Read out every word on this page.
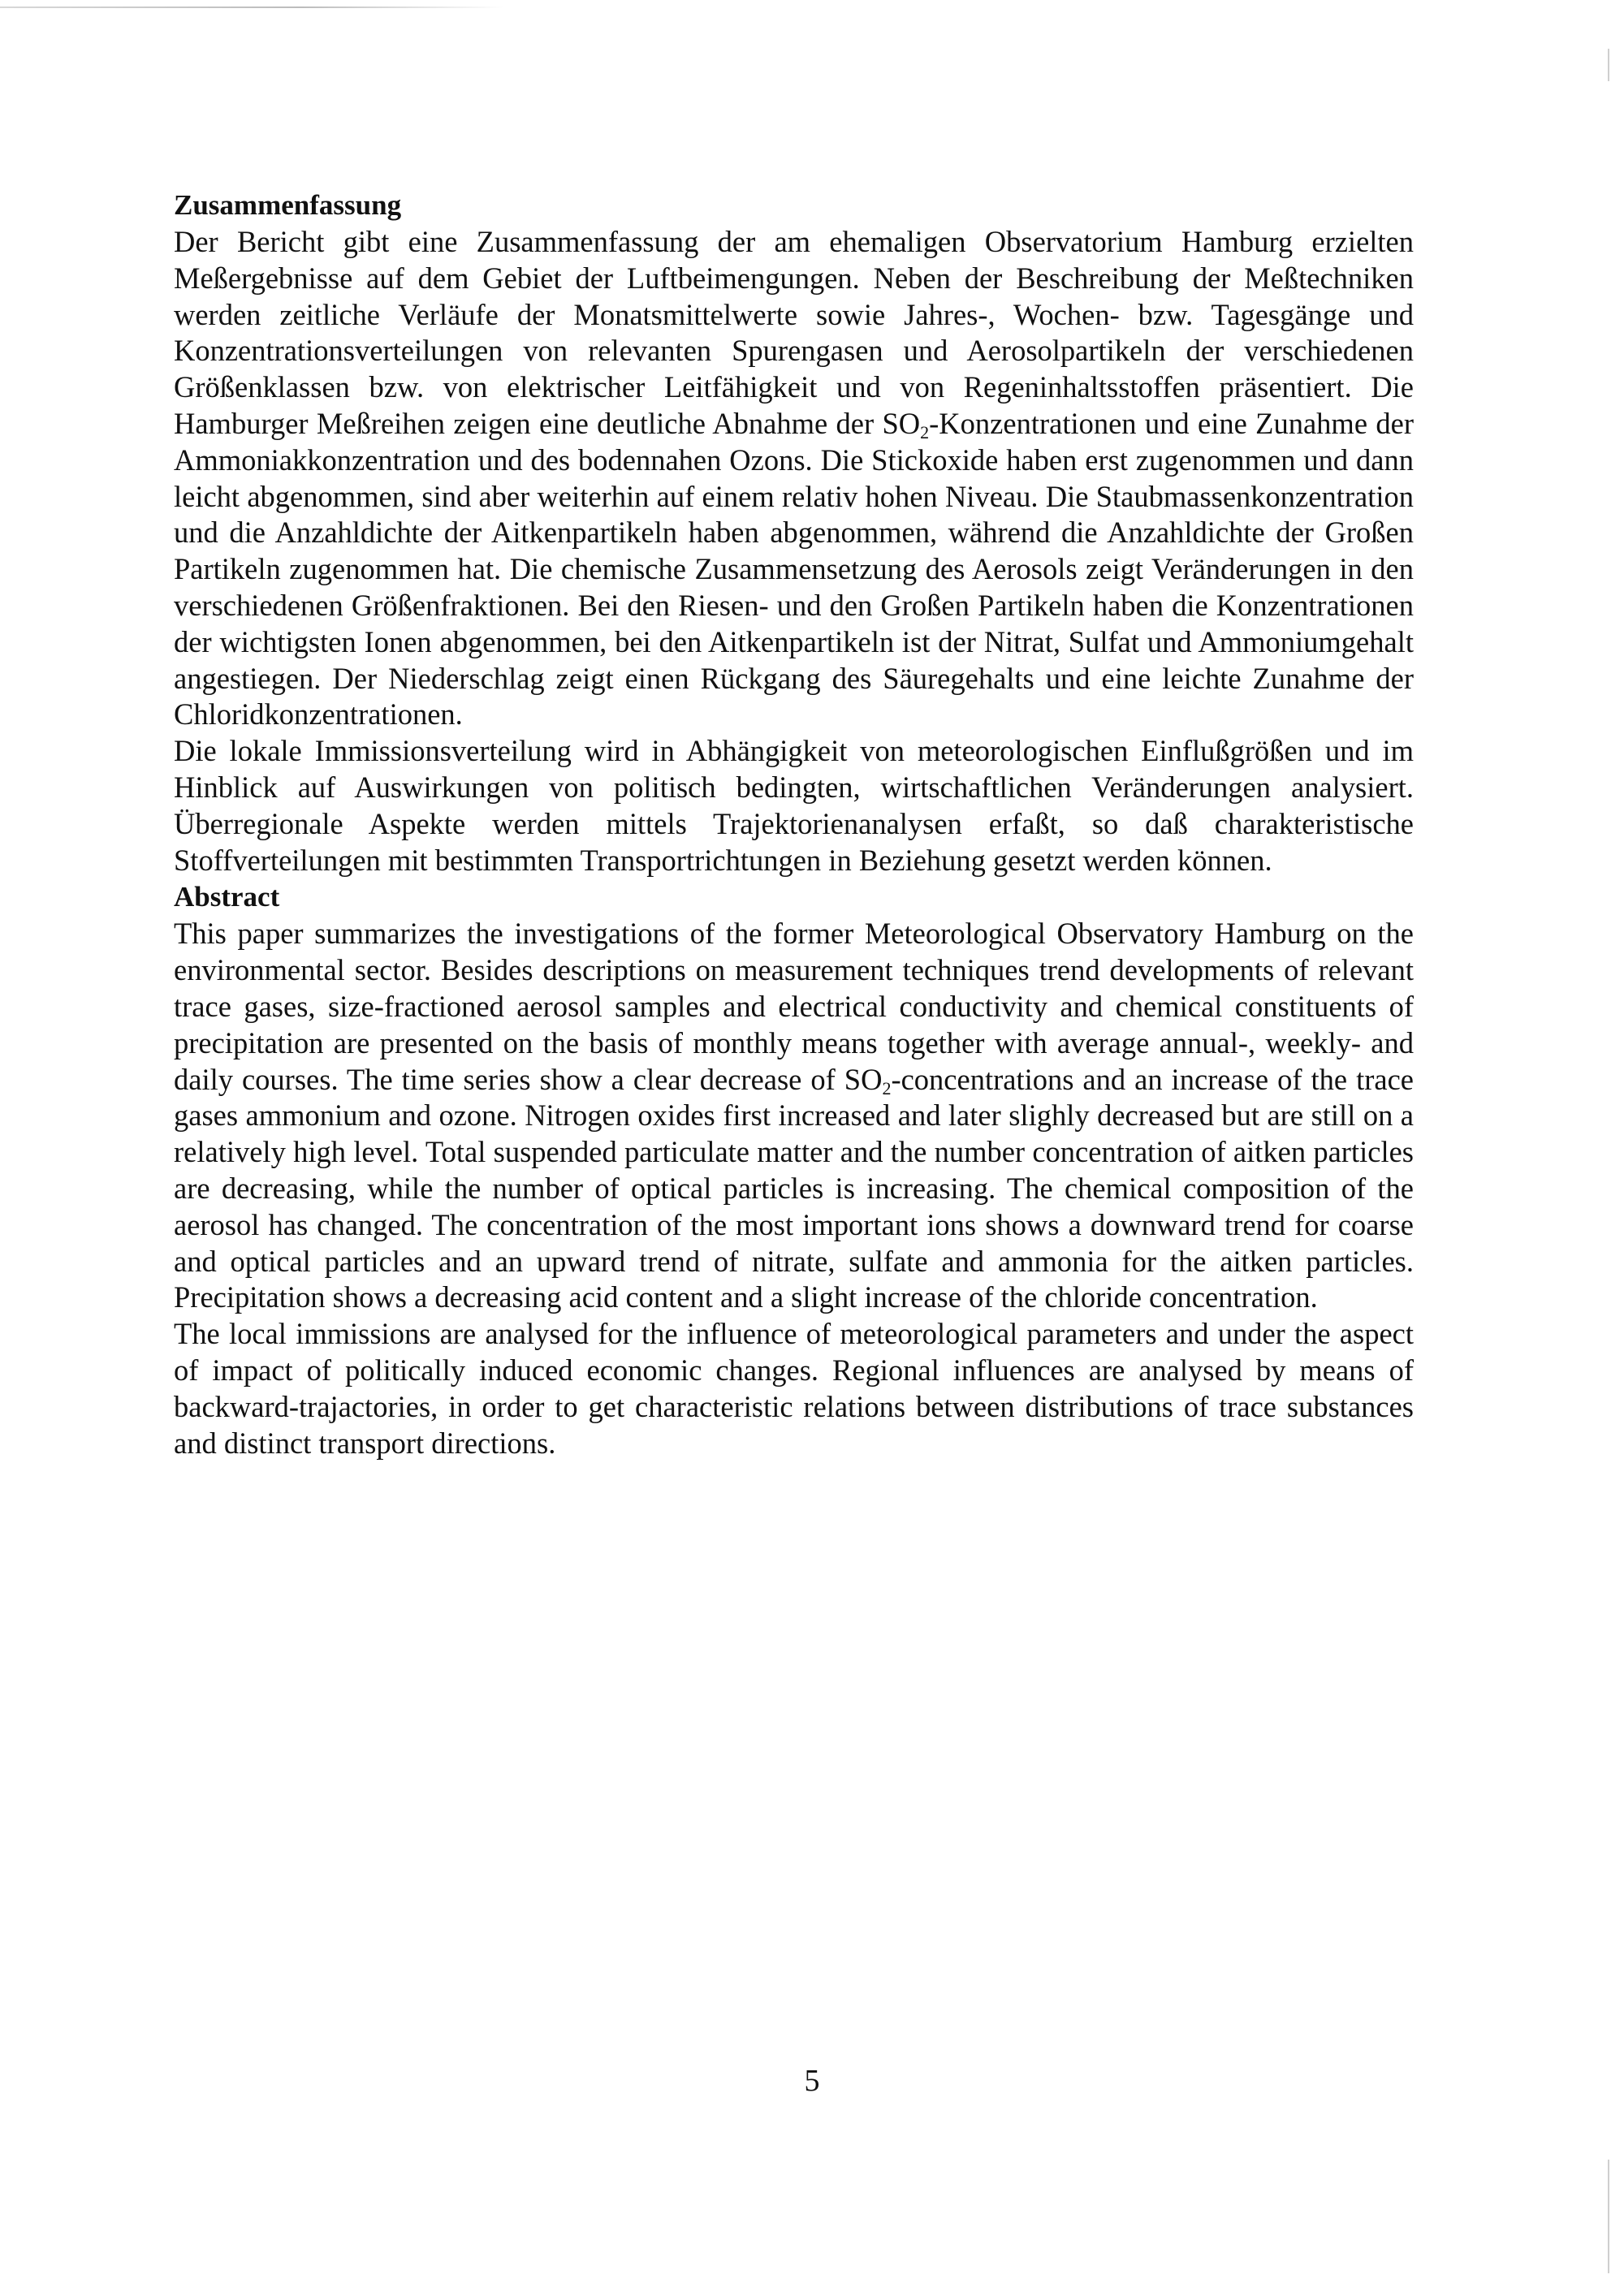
Zusammenfassung

Der Bericht gibt eine Zusammenfassung der am ehemaligen Observatorium Hamburg erzielten Meßergebnisse auf dem Gebiet der Luftbeimengungen. Neben der Beschreibung der Meßtechniken werden zeitliche Verläufe der Monatsmittelwerte sowie Jahres-, Wochen- bzw. Tagesgänge und Konzentrationsverteilungen von relevanten Spurengasen und Aerosolpartikeln der verschiedenen Größenklassen bzw. von elektrischer Leitfähigkeit und von Regeninhaltsstoffen präsentiert. Die Hamburger Meßreihen zeigen eine deutliche Abnahme der $SO_2$-Konzentrationen und eine Zunahme der Ammoniakkonzentration und des bodennahen Ozons. Die Stickoxide haben erst zugenommen und dann leicht abgenommen, sind aber weiterhin auf einem relativ hohen Niveau. Die Staubmassenkonzentration und die Anzahldichte der Aitkenpartikeln haben abgenommen, während die Anzahldichte der Großen Partikeln zugenommen hat. Die chemische Zusammensetzung des Aerosols zeigt Veränderungen in den verschiedenen Größenfraktionen. Bei den Riesen- und den Großen Partikeln haben die Konzentrationen der wichtigsten Ionen abgenommen, bei den Aitkenpartikeln ist der Nitrat, Sulfat und Ammoniumgehalt angestiegen. Der Niederschlag zeigt einen Rückgang des Säuregehalts und eine leichte Zunahme der Chloridkonzentrationen.

Die lokale Immissionsverteilung wird in Abhängigkeit von meteorologischen Einflußgrößen und im Hinblick auf Auswirkungen von politisch bedingten, wirtschaftlichen Veränderungen analysiert. Überregionale Aspekte werden mittels Trajektorienanalysen erfaßt, so daß charakteristische Stoffverteilungen mit bestimmten Transportrichtungen in Beziehung gesetzt werden können.

Abstract

This paper summarizes the investigations of the former Meteorological Observatory Hamburg on the environmental sector. Besides descriptions on measurement techniques trend developments of relevant trace gases, size-fractioned aerosol samples and electrical conductivity and chemical constituents of precipitation are presented on the basis of monthly means together with average annual-, weekly- and daily courses. The time series show a clear decrease of $SO_2$-concentrations and an increase of the trace gases ammonium and ozone. Nitrogen oxides first increased and later slighly decreased but are still on a relatively high level. Total suspended particulate matter and the number concentration of aitken particles are decreasing, while the number of optical particles is increasing. The chemical composition of the aerosol has changed. The concentration of the most important ions shows a downward trend for coarse and optical particles and an upward trend of nitrate, sulfate and ammonia for the aitken particles. Precipitation shows a decreasing acid content and a slight increase of the chloride concentration.

The local immissions are analysed for the influence of meteorological parameters and under the aspect of impact of politically induced economic changes. Regional influences are analysed by means of backward-trajactories, in order to get characteristic relations between distributions of trace substances and distinct transport directions.

5
